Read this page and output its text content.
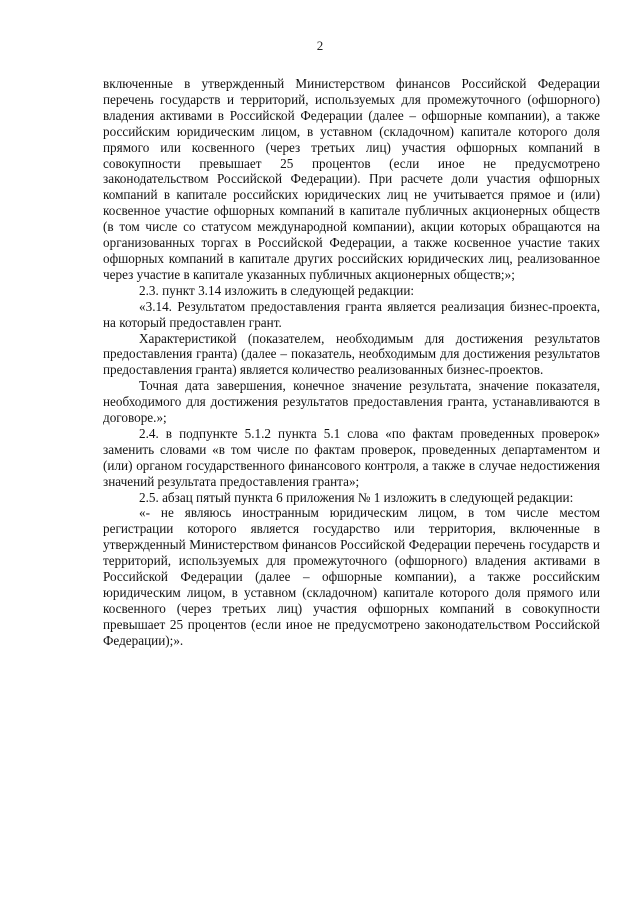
2

включенные в утвержденный Министерством финансов Российской Федерации перечень государств и территорий, используемых для промежуточного (офшорного) владения активами в Российской Федерации (далее – офшорные компании), а также российским юридическим лицом, в уставном (складочном) капитале которого доля прямого или косвенного (через третьих лиц) участия офшорных компаний в совокупности превышает 25 процентов (если иное не предусмотрено законодательством Российской Федерации). При расчете доли участия офшорных компаний в капитале российских юридических лиц не учитывается прямое и (или) косвенное участие офшорных компаний в капитале публичных акционерных обществ (в том числе со статусом международной компании), акции которых обращаются на организованных торгах в Российской Федерации, а также косвенное участие таких офшорных компаний в капитале других российских юридических лиц, реализованное через участие в капитале указанных публичных акционерных обществ;»;

2.3. пункт 3.14 изложить в следующей редакции:

«3.14. Результатом предоставления гранта является реализация бизнес-проекта, на который предоставлен грант.

Характеристикой (показателем, необходимым для достижения результатов предоставления гранта) (далее – показатель, необходимым для достижения результатов предоставления гранта) является количество реализованных бизнес-проектов.

Точная дата завершения, конечное значение результата, значение показателя, необходимого для достижения результатов предоставления гранта, устанавливаются в договоре.»;

2.4. в подпункте 5.1.2 пункта 5.1 слова «по фактам проведенных проверок» заменить словами «в том числе по фактам проверок, проведенных департаментом и (или) органом государственного финансового контроля, а также в случае недостижения значений результата предоставления гранта»;

2.5. абзац пятый пункта 6 приложения № 1 изложить в следующей редакции:

«- не являюсь иностранным юридическим лицом, в том числе местом регистрации которого является государство или территория, включенные в утвержденный Министерством финансов Российской Федерации перечень государств и территорий, используемых для промежуточного (офшорного) владения активами в Российской Федерации (далее – офшорные компании), а также российским юридическим лицом, в уставном (складочном) капитале которого доля прямого или косвенного (через третьих лиц) участия офшорных компаний в совокупности превышает 25 процентов (если иное не предусмотрено законодательством Российской Федерации);».
